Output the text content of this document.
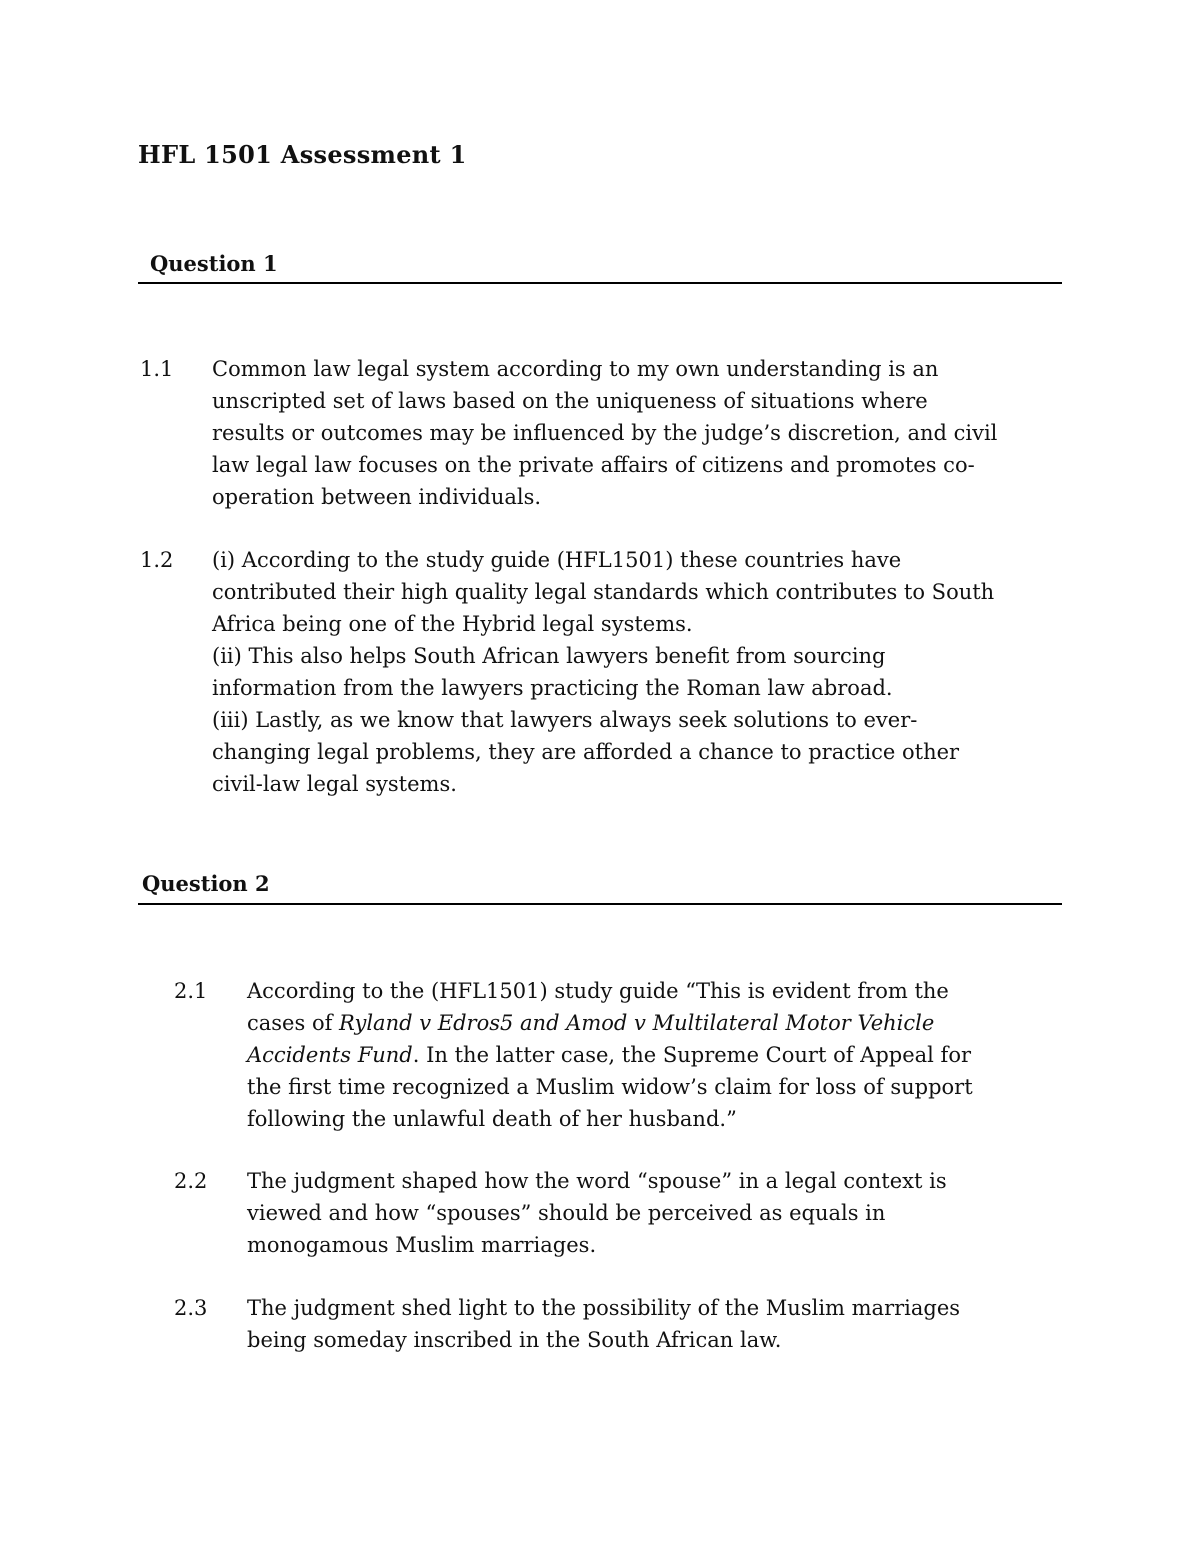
HFL 1501 Assessment 1
Question 1
1.1 Common law legal system according to my own understanding is an

unscripted set of laws based on the uniqueness of situations where

results or outcomes may be influenced by the judge’s discretion, and civil

law legal law focuses on the private affairs of citizens and promotes co-

operation between individuals.

1.2 (i) According to the study guide (HFL1501) these countries have

contributed their high quality legal standards which contributes to South

Africa being one of the Hybrid legal systems.

(ii) This also helps South African lawyers benefit from sourcing

information from the lawyers practicing the Roman law abroad.

(iii) Lastly, as we know that lawyers always seek solutions to ever-

changing legal problems, they are afforded a chance to practice other

civil-law legal systems.

Question 2
2.1 According to the (HFL1501) study guide “This is evident from the

cases of Ryland v Edros5 and Amod v Multilateral Motor Vehicle

Accidents Fund. In the latter case, the Supreme Court of Appeal for

the first time recognized a Muslim widow’s claim for loss of support

following the unlawful death of her husband.”

2.2 The judgment shaped how the word “spouse” in a legal context is

viewed and how “spouses” should be perceived as equals in

monogamous Muslim marriages.

2.3 The judgment shed light to the possibility of the Muslim marriages

being someday inscribed in the South African law.
